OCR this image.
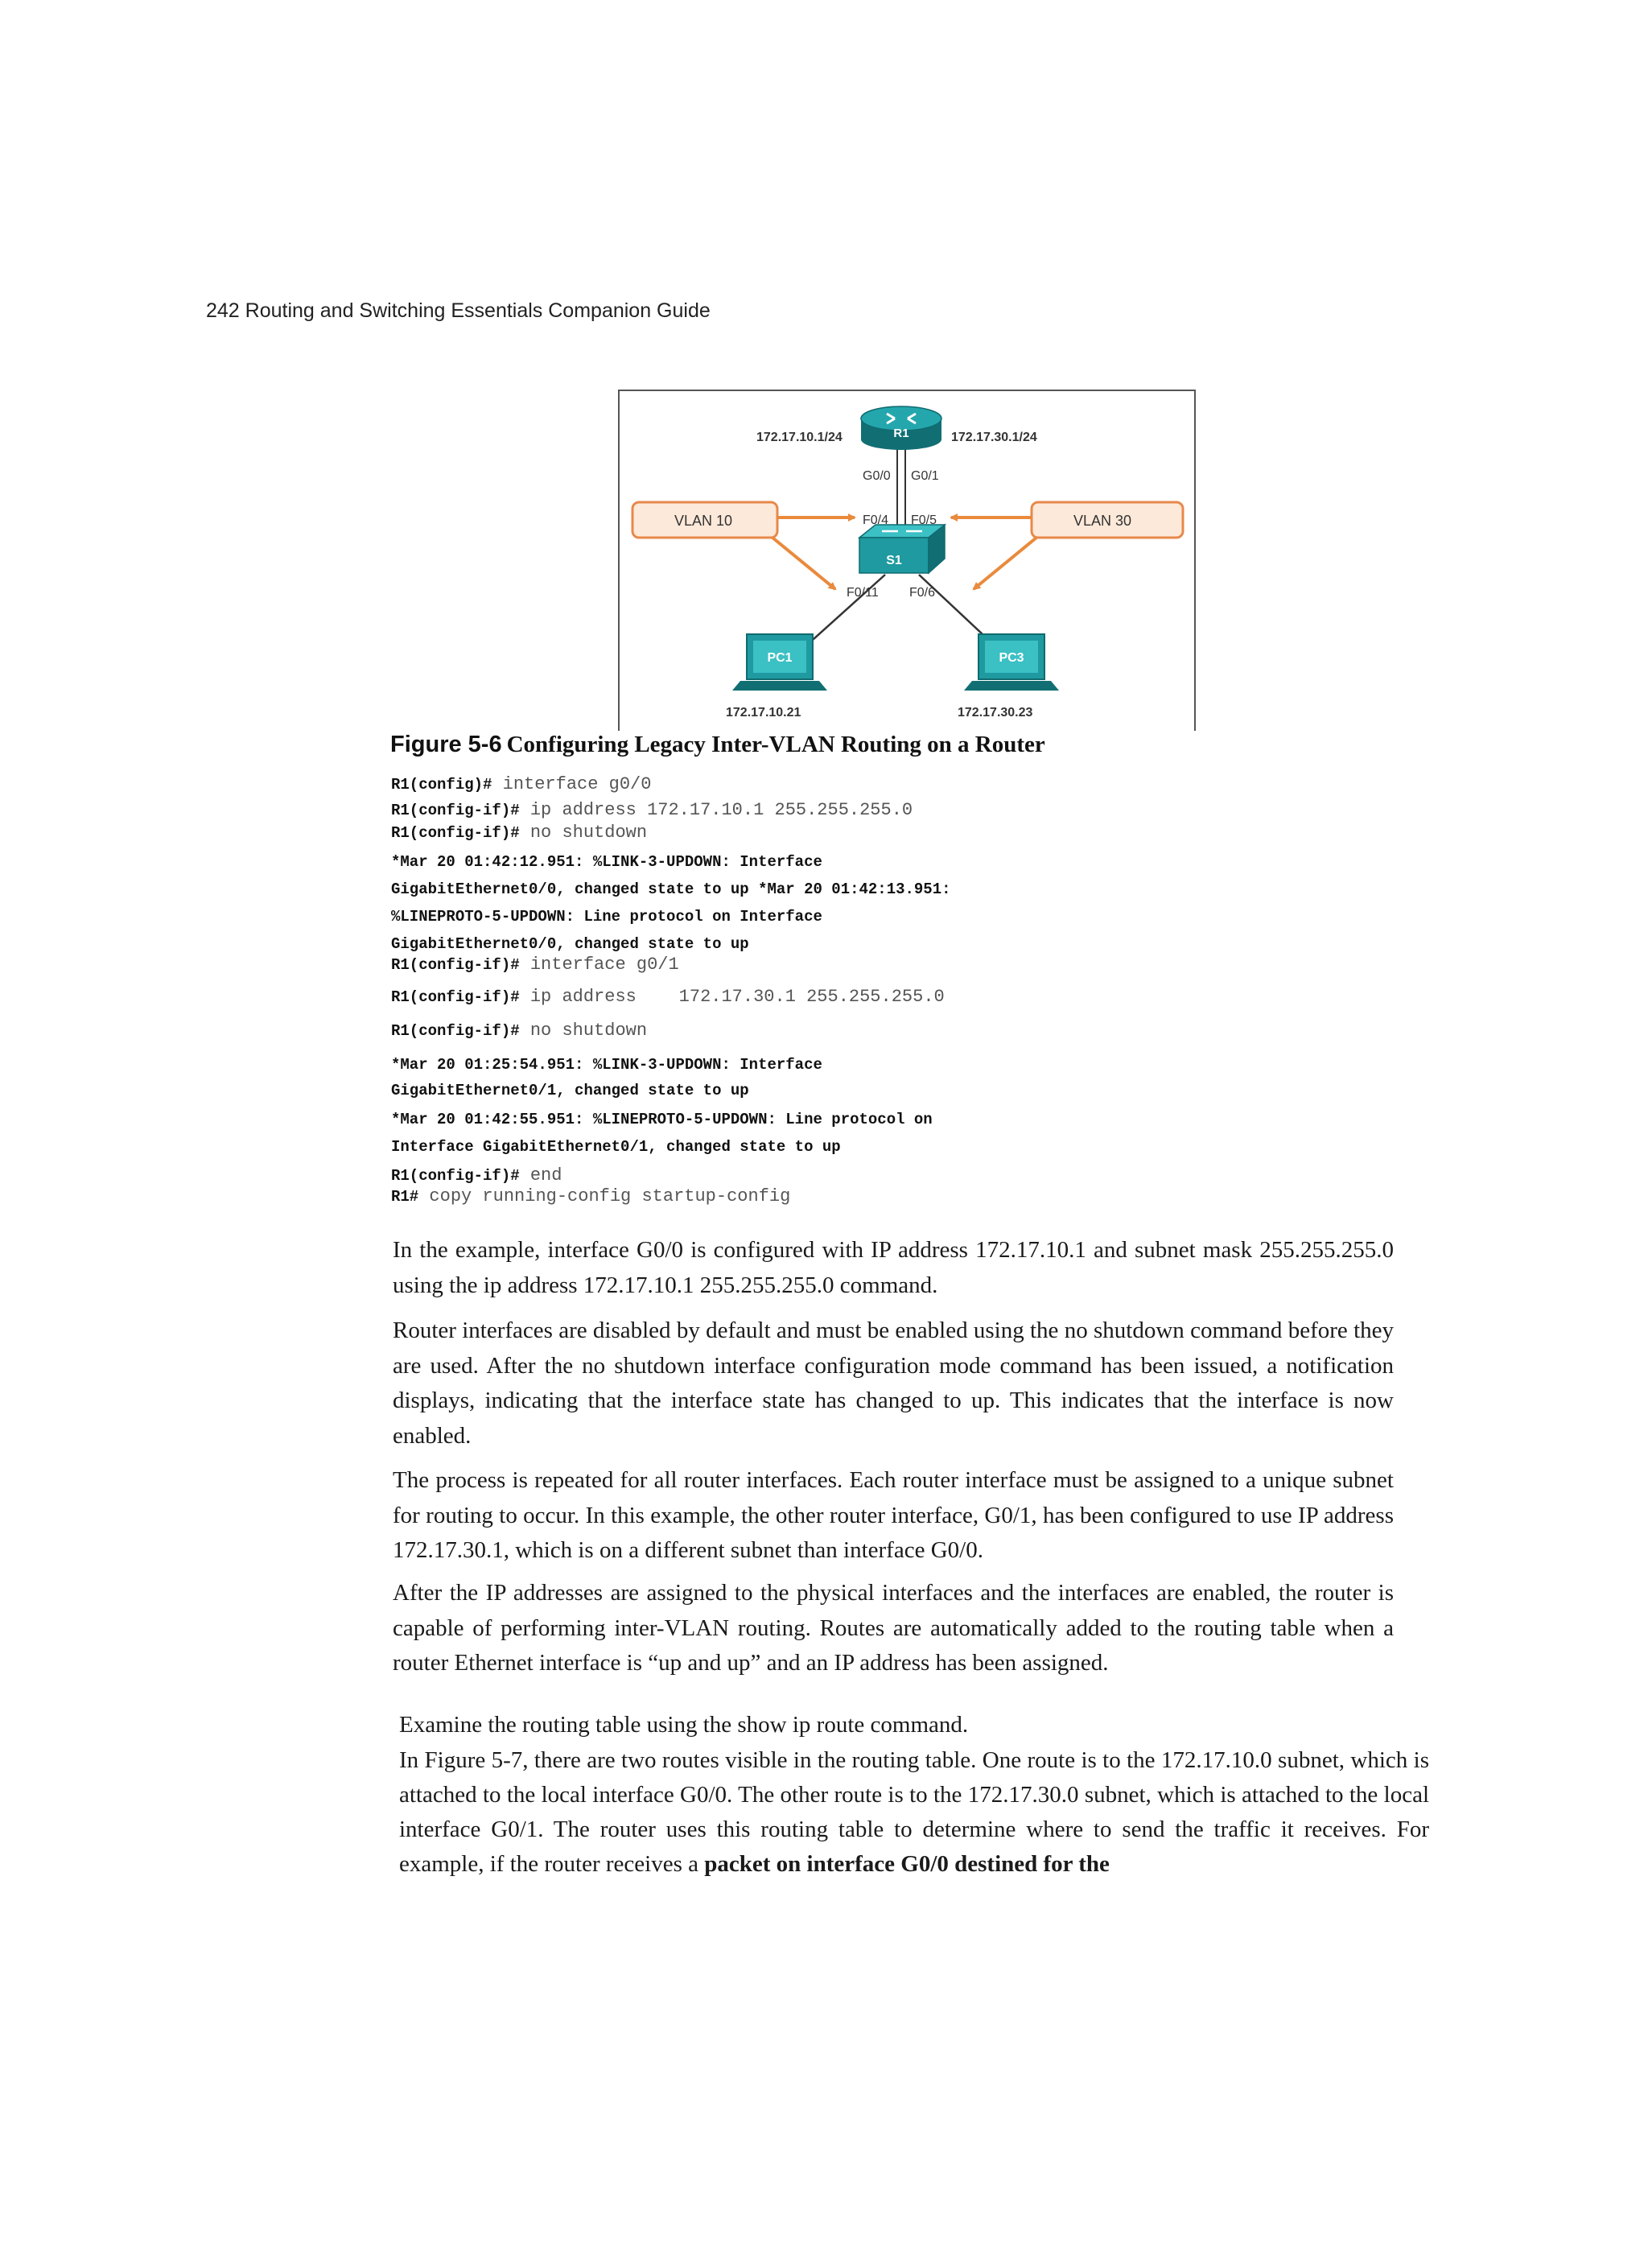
242 Routing and Switching Essentials Companion Guide
R1
172.17.10.1/24	172.17.30.1/24
G0/0 G0/1
S1
F0/4 F0/5
F0/11 F0/6
VLAN 10	VLAN 30
PC1
172.17.10.21
PC3
172.17.30.23
Figure 5-6 Configuring Legacy Inter-VLAN Routing on a Router
R1(config)# interface g0/0
R1(config-if)# ip address 172.17.10.1 255.255.255.0
R1(config-if)# no shutdown
*Mar 20 01:42:12.951: %LINK-3-UPDOWN: Interface
GigabitEthernet0/0, changed state to up *Mar 20 01:42:13.951:
%LINEPROTO-5-UPDOWN: Line protocol on Interface
GigabitEthernet0/0, changed state to up
R1(config-if)# interface g0/1
R1(config-if)# ip address    172.17.30.1 255.255.255.0
R1(config-if)# no shutdown
*Mar 20 01:25:54.951: %LINK-3-UPDOWN: Interface
GigabitEthernet0/1, changed state to up
*Mar 20 01:42:55.951: %LINEPROTO-5-UPDOWN: Line protocol on
Interface GigabitEthernet0/1, changed state to up
R1(config-if)# end
R1# copy running-config startup-config

In the example, interface G0/0 is configured with IP address 172.17.10.1 and subnet mask 255.255.255.0 using the ip address 172.17.10.1 255.255.255.0 command.

Router interfaces are disabled by default and must be enabled using the no shutdown command before they are used. After the no shutdown interface configuration mode command has been issued, a notification displays, indicating that the interface state has changed to up. This indicates that the interface is now enabled.

The process is repeated for all router interfaces. Each router interface must be assigned to a unique subnet for routing to occur. In this example, the other router interface, G0/1, has been configured to use IP address 172.17.30.1, which is on a different subnet than interface G0/0.

After the IP addresses are assigned to the physical interfaces and the interfaces are enabled, the router is capable of performing inter-VLAN routing. Routes are automatically added to the routing table when a router Ethernet interface is “up and up” and an IP address has been assigned.

Examine the routing table using the show ip route command.

In Figure 5-7, there are two routes visible in the routing table. One route is to the 172.17.10.0 subnet, which is attached to the local interface G0/0. The other route is to the 172.17.30.0 subnet, which is attached to the local interface G0/1. The router uses this routing table to determine where to send the traffic it receives. For example, if the router receives a packet on interface G0/0 destined for the
